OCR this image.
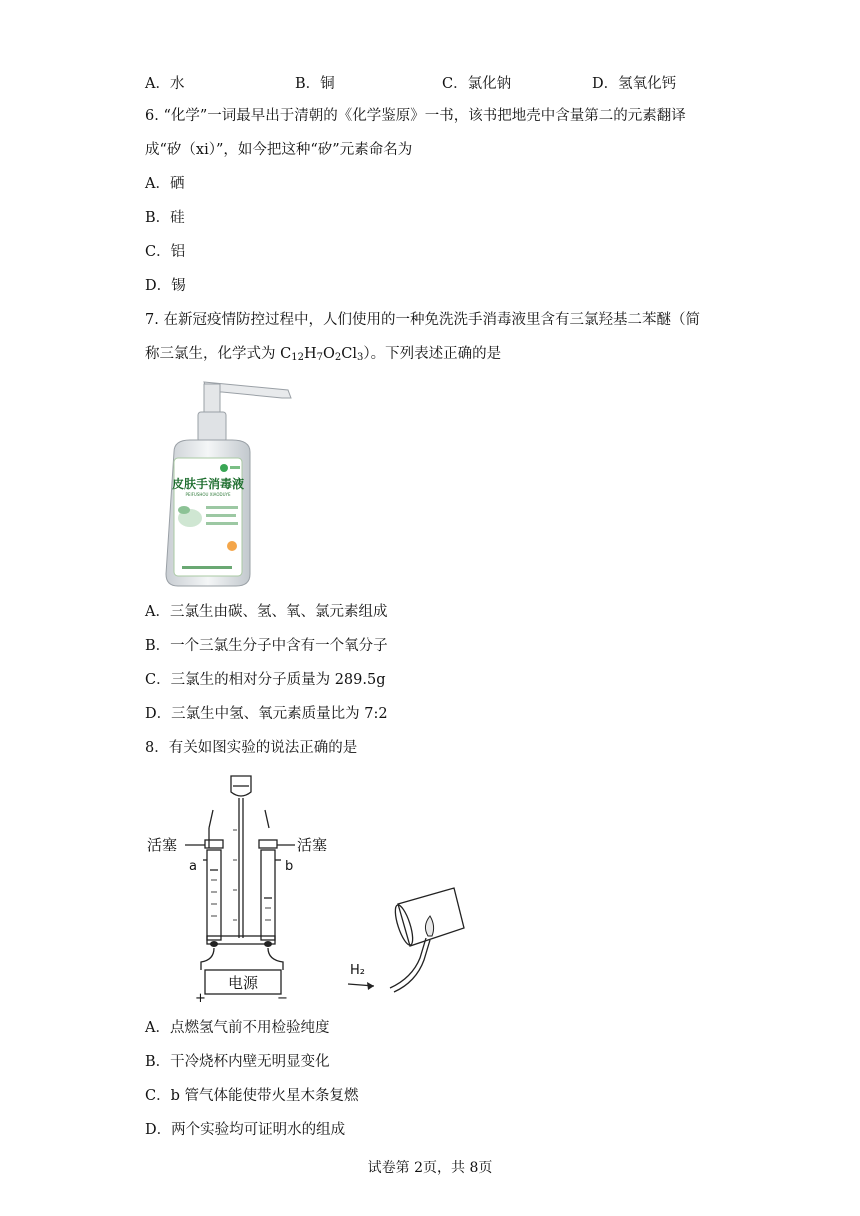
A．水	B．铜	C．氯化钠	D．氢氧化钙
6. “化学”一词最早出于清朝的《化学鉴原》一书，该书把地壳中含量第二的元素翻译
成“矽（xi）”，如今把这种“矽”元素命名为
A．硒
B．硅
C．铝
D．锡
7. 在新冠疫情防控过程中，人们使用的一种免洗洗手消毒液里含有三氯羟基二苯醚（简
称三氯生，化学式为 $C_{12}H_7O_2Cl_3$）。下列表述正确的是
皮肤手消毒液
PEIFUSHOU XIAODUYE
A．三氯生由碳、氢、氧、氯元素组成
B．一个三氯生分子中含有一个氧分子
C．三氯生的相对分子质量为 289.5g
D．三氯生中氢、氧元素质量比为 7:2
8．有关如图实验的说法正确的是
活塞	活塞
a	b
电源
+	−
H₂
A．点燃氢气前不用检验纯度
B．干冷烧杯内壁无明显变化
C．b 管气体能使带火星木条复燃
D．两个实验均可证明水的组成
试卷第 2页，共 8页
